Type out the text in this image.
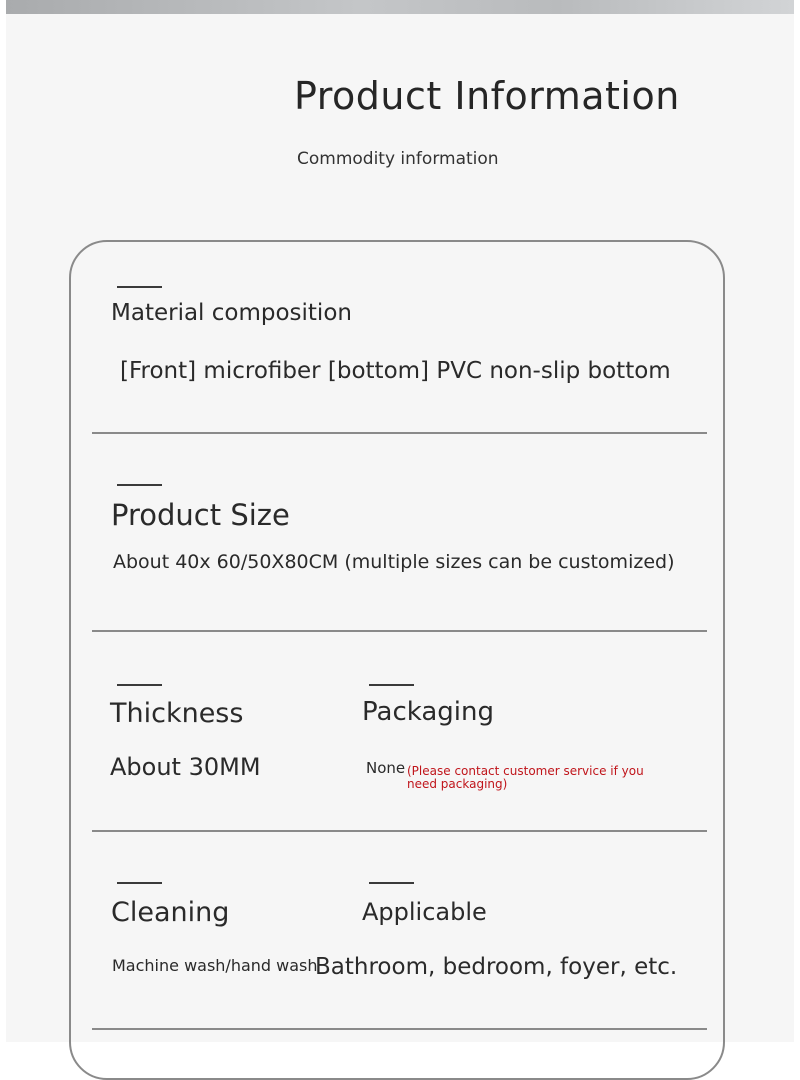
Product Information
Commodity information
Material composition
[Front] microfiber [bottom] PVC non-slip bottom
Product Size
About 40x 60/50X80CM (multiple sizes can be customized)
Thickness
About 30MM
Packaging
None (Please contact customer service if you need packaging)
Cleaning
Machine wash/hand wash
Applicable
Bathroom, bedroom, foyer, etc.
